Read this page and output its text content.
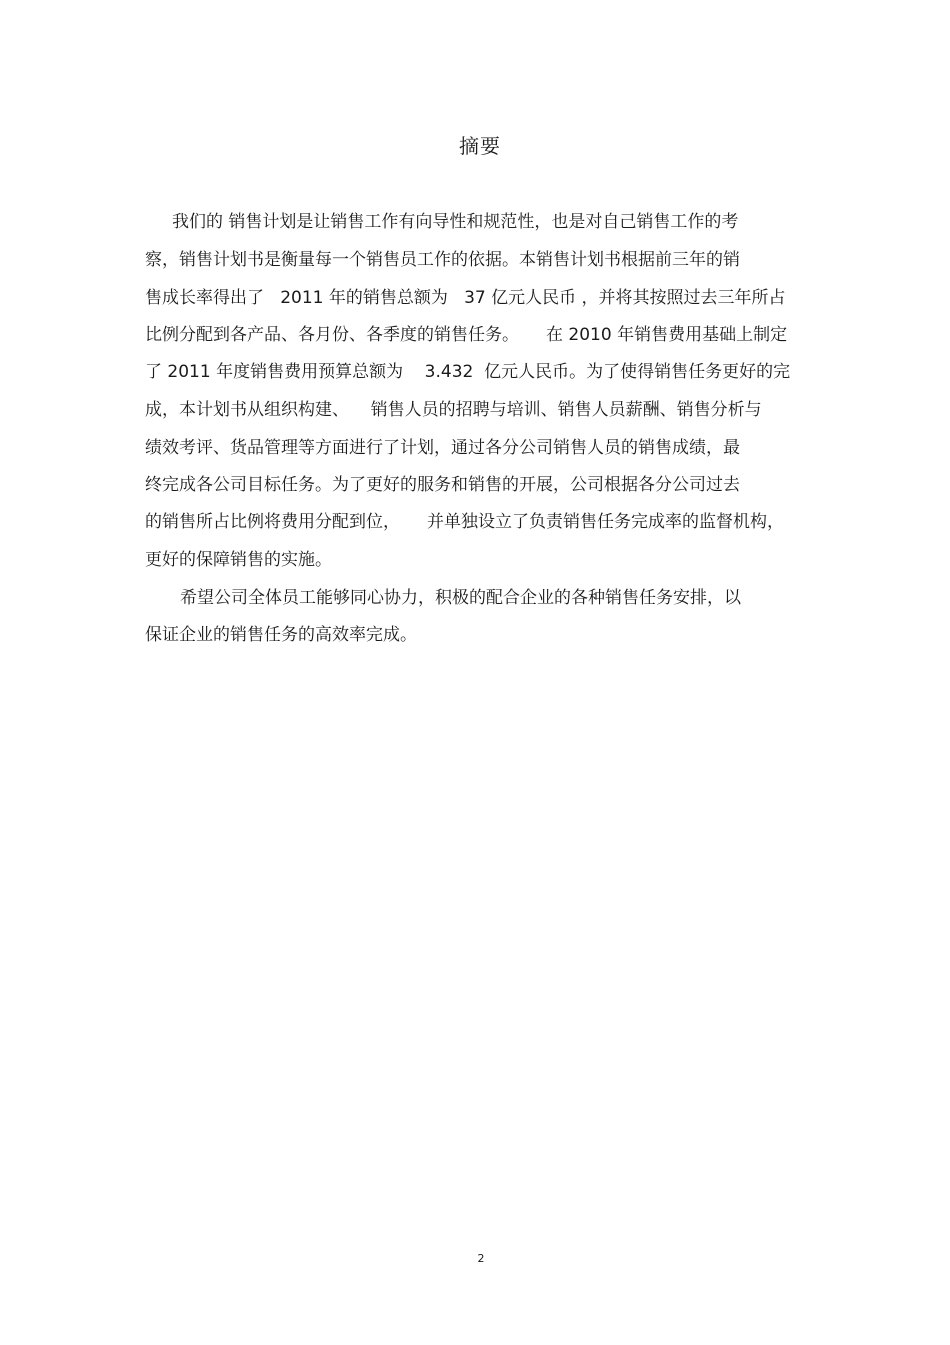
摘要
我们的 销售计划是让销售工作有向导性和规范性，也是对自己销售工作的考
察，销售计划书是衡量每一个销售员工作的依据。本销售计划书根据前三年的销
售成长率得出了   2011 年的销售总额为   37 亿元人民币 ，并将其按照过去三年所占
比例分配到各产品、各月份、各季度的销售任务。     在 2010 年销售费用基础上制定
了 2011 年度销售费用预算总额为    3.432  亿元人民币。为了使得销售任务更好的完
成，本计划书从组织构建、    销售人员的招聘与培训、销售人员薪酬、销售分析与
绩效考评、货品管理等方面进行了计划，通过各分公司销售人员的销售成绩，最
终完成各公司目标任务。为了更好的服务和销售的开展，公司根据各分公司过去
的销售所占比例将费用分配到位，     并单独设立了负责销售任务完成率的监督机构，
更好的保障销售的实施。
希望公司全体员工能够同心协力，积极的配合企业的各种销售任务安排，以
保证企业的销售任务的高效率完成。
2
